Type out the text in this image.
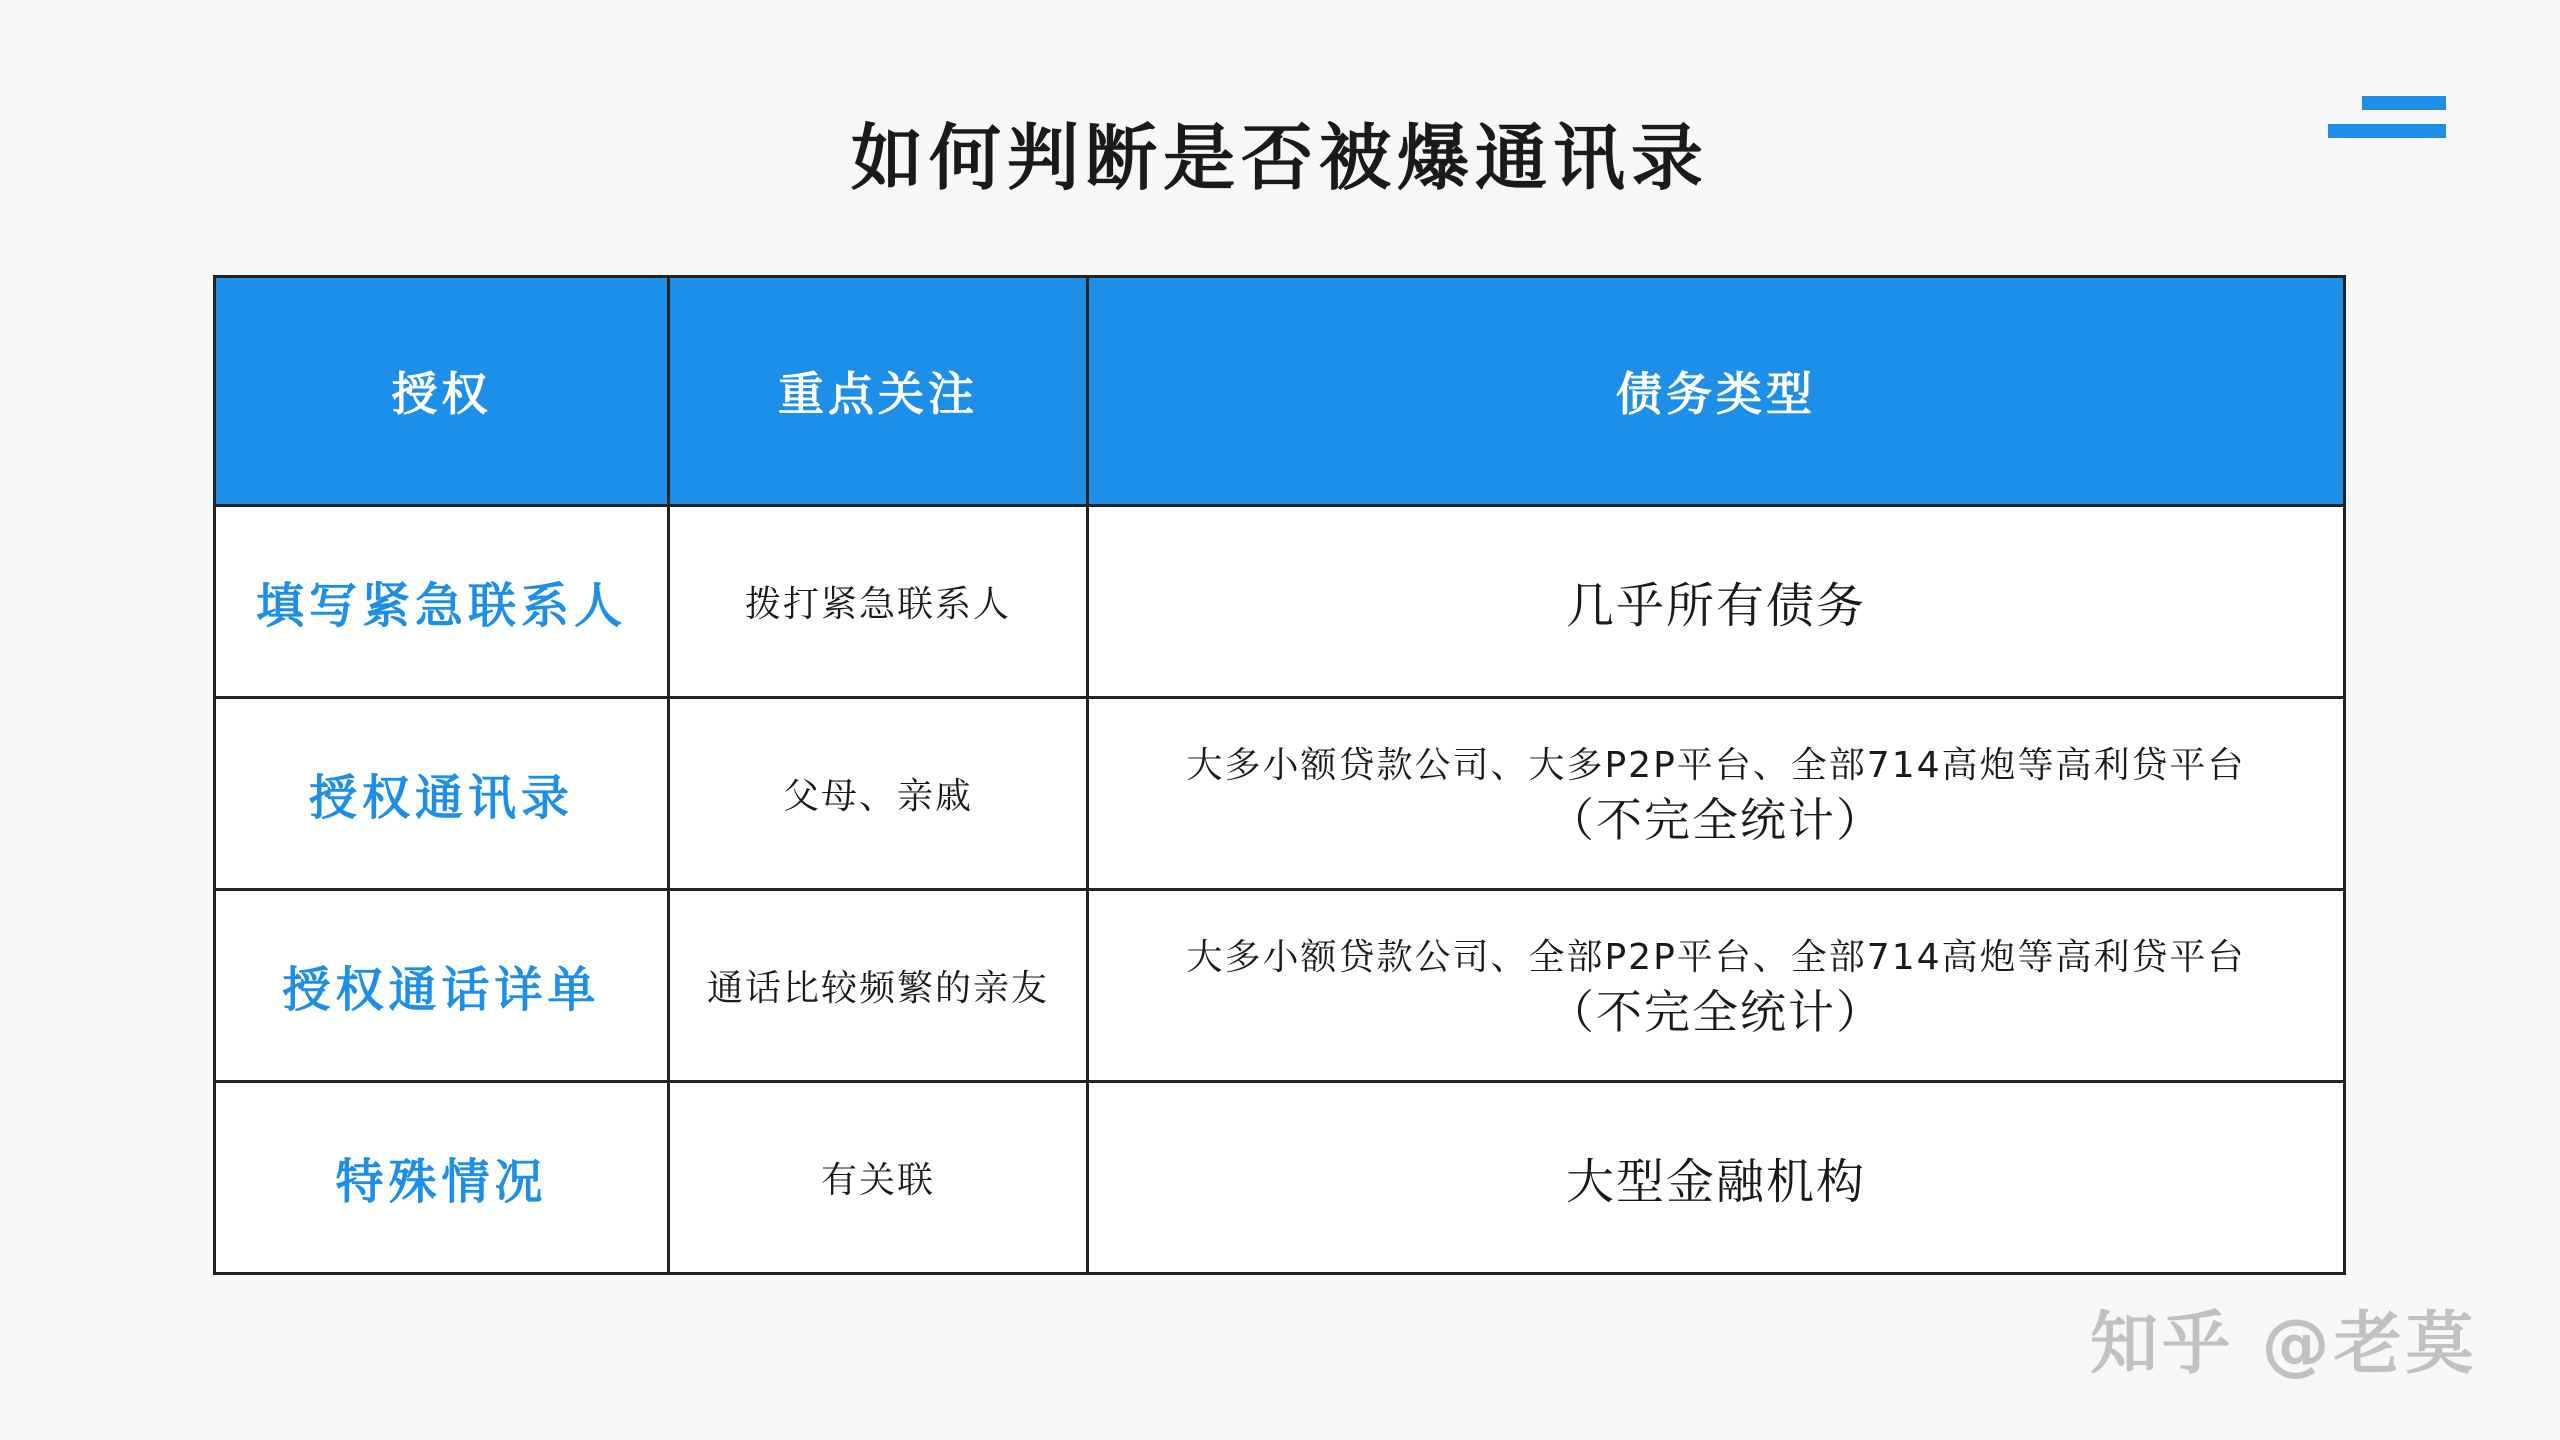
如何判断是否被爆通讯录
授权	重点关注	债务类型
填写紧急联系人	拨打紧急联系人	几乎所有债务
授权通讯录	父母、亲戚	大多小额贷款公司、大多P2P平台、全部714高炮等高利贷平台
（不完全统计）

授权通话详单	通话比较频繁的亲友	大多小额贷款公司、全部P2P平台、全部714高炮等高利贷平台
（不完全统计）

特殊情况	有关联	大型金融机构
知乎 @老莫
